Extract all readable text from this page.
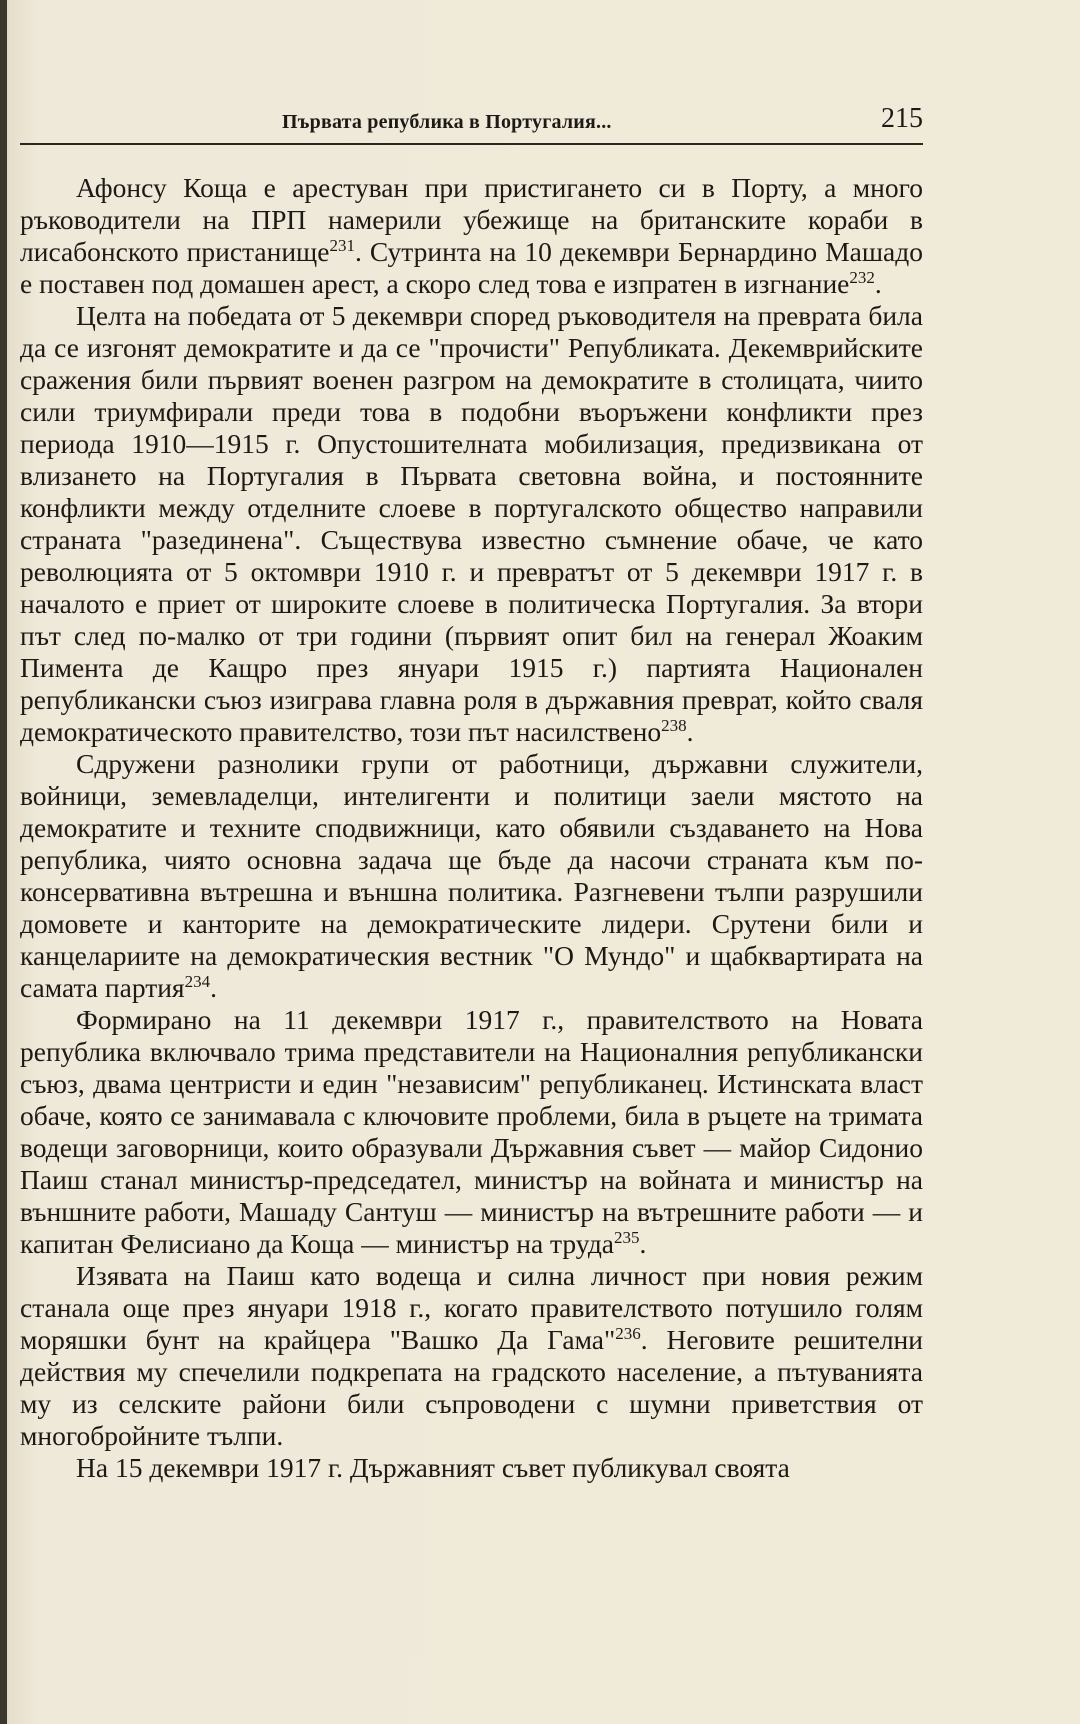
Първата република в Португалия...	215

Афонсу Коща е арестуван при пристигането си в Порту, а много ръководители на ПРП намерили убежище на британските кораби в лисабонското пристанище$^{231}$. Сутринта на 10 декември Бернардино Машадо е поставен под домашен арест, а скоро след това е изпратен в изгнание$^{232}$.

Целта на победата от 5 декември според ръководителя на преврата била да се изгонят демократите и да се "прочисти" Републиката. Декемврийските сражения били първият военен разгром на демократите в столицата, чиито сили триумфирали преди това в подобни въоръжени конфликти през периода 1910—1915 г. Опустошителната мобилизация, предизвикана от влизането на Португалия в Първата световна война, и постоянните конфликти между отделните слоеве в португалското общество направили страната "разединена". Съществува известно съмнение обаче, че като революцията от 5 октомври 1910 г. и превратът от 5 декември 1917 г. в началото е приет от широките слоеве в политическа Португалия. За втори път след по-малко от три години (първият опит бил на генерал Жоаким Пимента де Кащро през януари 1915 г.) партията Национален републикански съюз изиграва главна роля в държавния преврат, който сваля демократическото правителство, този път насилствено$^{238}$.

Сдружени разнолики групи от работници, държавни служители, войници, земевладелци, интелигенти и политици заели мястото на демократите и техните сподвижници, като обявили създаването на Нова република, чиято основна задача ще бъде да насочи страната към по-консервативна вътрешна и външна политика. Разгневени тълпи разрушили домовете и канторите на демократическите лидери. Срутени били и канцелариите на демократическия вестник "О Мундо" и щабквартирата на самата партия$^{234}$.

Формирано на 11 декември 1917 г., правителството на Новата република включвало трима представители на Националния републикански съюз, двама центристи и един "независим" републиканец. Истинската власт обаче, която се занимавала с ключовите проблеми, била в ръцете на тримата водещи заговорници, които образували Държавния съвет — майор Сидонио Паиш станал министър-председател, министър на войната и министър на външните работи, Машаду Сантуш — министър на вътрешните работи — и капитан Фелисиано да Коща — министър на труда$^{235}$.

Изявата на Паиш като водеща и силна личност при новия режим станала още през януари 1918 г., когато правителството потушило голям моряшки бунт на крайцера "Вашко Да Гама"$^{236}$. Неговите решителни действия му спечелили подкрепата на градското население, а пътуванията му из селските райони били съпроводени с шумни приветствия от многобройните тълпи.

На 15 декември 1917 г. Държавният съвет публикувал своята
